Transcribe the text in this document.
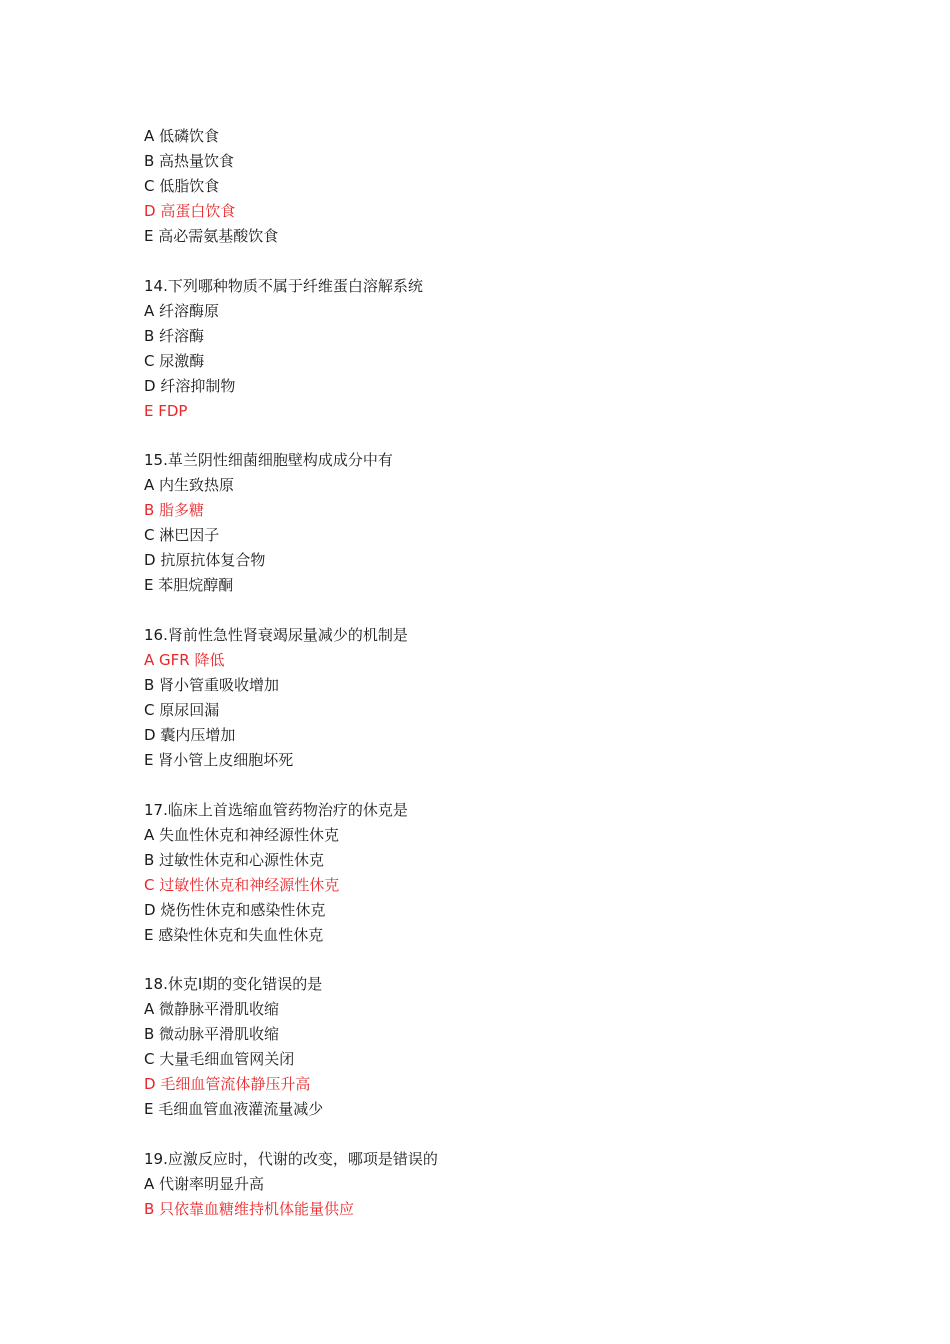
A 低磷饮食
B 高热量饮食
C 低脂饮食
D 高蛋白饮食
E 高必需氨基酸饮食
14.下列哪种物质不属于纤维蛋白溶解系统
A 纤溶酶原
B 纤溶酶
C 尿激酶
D 纤溶抑制物
E FDP
15.革兰阴性细菌细胞壁构成成分中有
A 内生致热原
B 脂多糖
C 淋巴因子
D 抗原抗体复合物
E 苯胆烷醇酮
16.肾前性急性肾衰竭尿量减少的机制是
A GFR 降低
B 肾小管重吸收增加
C 原尿回漏
D 囊内压增加
E 肾小管上皮细胞坏死
17.临床上首选缩血管药物治疗的休克是
A 失血性休克和神经源性休克
B 过敏性休克和心源性休克
C 过敏性休克和神经源性休克
D 烧伤性休克和感染性休克
E 感染性休克和失血性休克
18.休克Ⅰ期的变化错误的是
A 微静脉平滑肌收缩
B 微动脉平滑肌收缩
C 大量毛细血管网关闭
D 毛细血管流体静压升高
E 毛细血管血液灌流量减少
19.应激反应时，代谢的改变，哪项是错误的
A 代谢率明显升高
B 只依靠血糖维持机体能量供应
